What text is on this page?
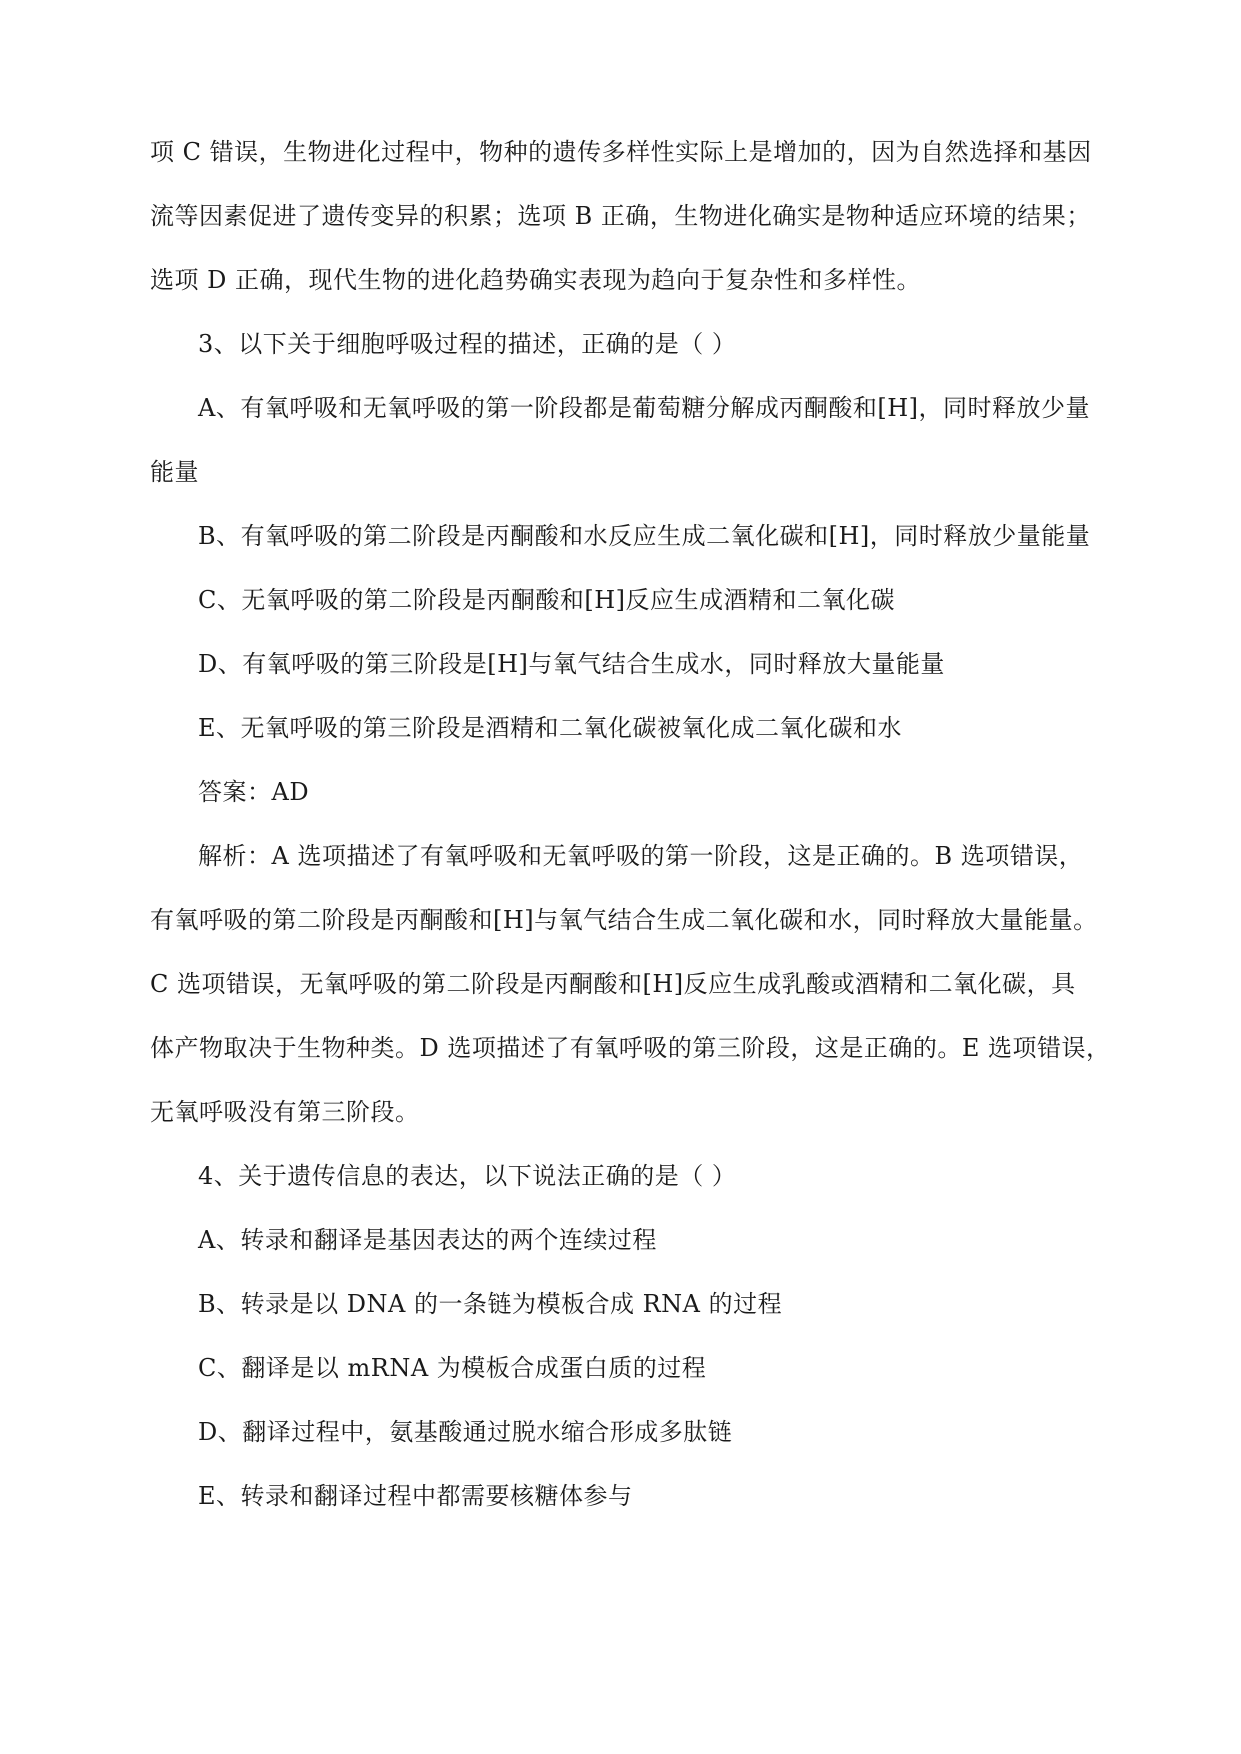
项 C 错误，生物进化过程中，物种的遗传多样性实际上是增加的，因为自然选择和基因
流等因素促进了遗传变异的积累；选项 B 正确，生物进化确实是物种适应环境的结果；
选项 D 正确，现代生物的进化趋势确实表现为趋向于复杂性和多样性。
3、以下关于细胞呼吸过程的描述，正确的是（ ）
A、有氧呼吸和无氧呼吸的第一阶段都是葡萄糖分解成丙酮酸和[H]，同时释放少量
能量
B、有氧呼吸的第二阶段是丙酮酸和水反应生成二氧化碳和[H]，同时释放少量能量
C、无氧呼吸的第二阶段是丙酮酸和[H]反应生成酒精和二氧化碳
D、有氧呼吸的第三阶段是[H]与氧气结合生成水，同时释放大量能量
E、无氧呼吸的第三阶段是酒精和二氧化碳被氧化成二氧化碳和水
答案：AD
解析：A 选项描述了有氧呼吸和无氧呼吸的第一阶段，这是正确的。B 选项错误，
有氧呼吸的第二阶段是丙酮酸和[H]与氧气结合生成二氧化碳和水，同时释放大量能量。
C 选项错误，无氧呼吸的第二阶段是丙酮酸和[H]反应生成乳酸或酒精和二氧化碳，具
体产物取决于生物种类。D 选项描述了有氧呼吸的第三阶段，这是正确的。E 选项错误，
无氧呼吸没有第三阶段。
4、关于遗传信息的表达，以下说法正确的是（ ）
A、转录和翻译是基因表达的两个连续过程
B、转录是以 DNA 的一条链为模板合成 RNA 的过程
C、翻译是以 mRNA 为模板合成蛋白质的过程
D、翻译过程中，氨基酸通过脱水缩合形成多肽链
E、转录和翻译过程中都需要核糖体参与
